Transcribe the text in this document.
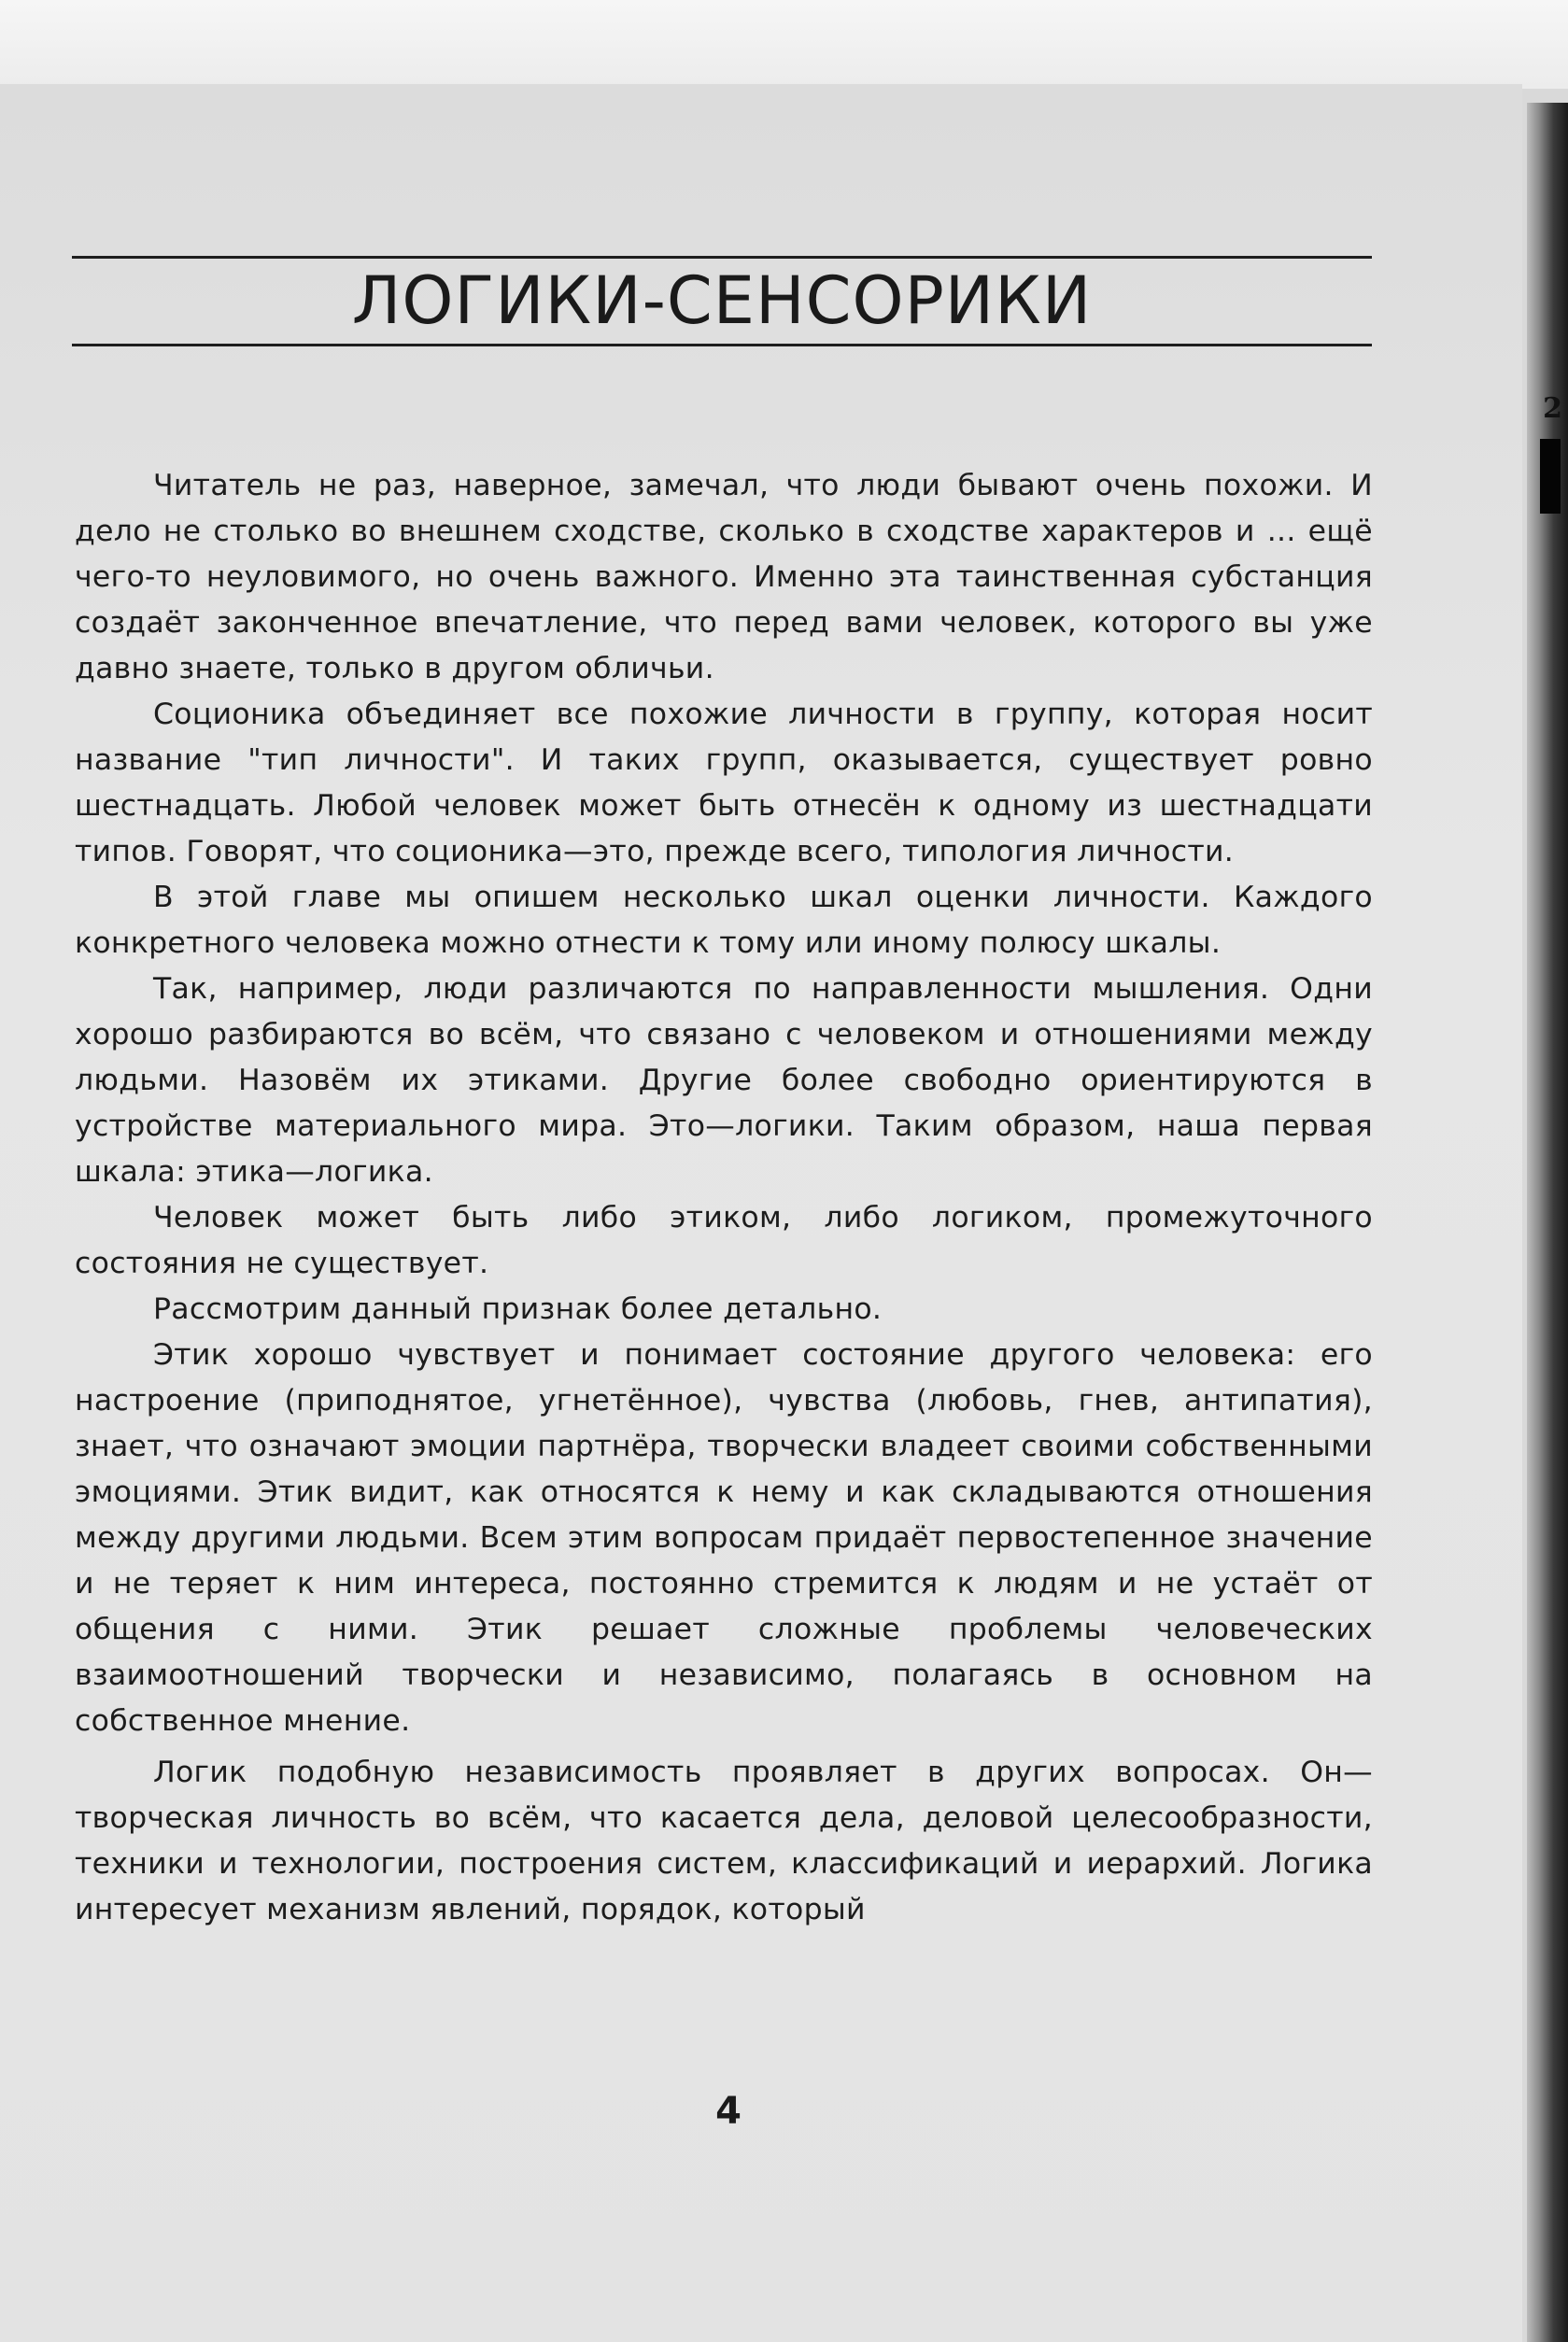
2
ЛОГИКИ-СЕНСОРИКИ

Читатель не раз, наверное, замечал, что люди бывают очень похожи. И дело не столько во внешнем сходстве, сколько в сходстве характеров и ... ещё чего-то неуловимого, но очень важного. Именно эта таинственная субстанция создаёт законченное впечатление, что перед вами человек, которого вы уже давно знаете, только в другом обличьи.

Соционика объединяет все похожие личности в группу, которая носит название "тип личности". И таких групп, оказывается, существует ровно шестнадцать. Любой человек может быть отнесён к одному из шестнадцати типов. Говорят, что соционика—это, прежде всего, типология личности.

В этой главе мы опишем несколько шкал оценки личности. Каждого конкретного человека можно отнести к тому или иному полюсу шкалы.

Так, например, люди различаются по направленности мышления. Одни хорошо разбираются во всём, что связано с человеком и отношениями между людьми. Назовём их этиками. Другие более свободно ориентируются в устройстве материального мира. Это—логики. Таким образом, наша первая шкала: этика—логика.

Человек может быть либо этиком, либо логиком, промежуточного состояния не существует.

Рассмотрим данный признак более детально.

Этик хорошо чувствует и понимает состояние другого человека: его настроение (приподнятое, угнетённое), чувства (любовь, гнев, антипатия), знает, что означают эмоции партнёра, творчески владеет своими собственными эмоциями. Этик видит, как относятся к нему и как складываются отношения между другими людьми. Всем этим вопросам придаёт первостепенное значение и не теряет к ним интереса, постоянно стремится к людям и не устаёт от общения с ними. Этик решает сложные проблемы человеческих взаимоотношений творчески и независимо, полагаясь в основном на собственное мнение.

Логик подобную независимость проявляет в других вопросах. Он—творческая личность во всём, что касается дела, деловой целесообразности, техники и технологии, построения систем, классификаций и иерархий. Логика интересует механизм явлений, порядок, который

4
